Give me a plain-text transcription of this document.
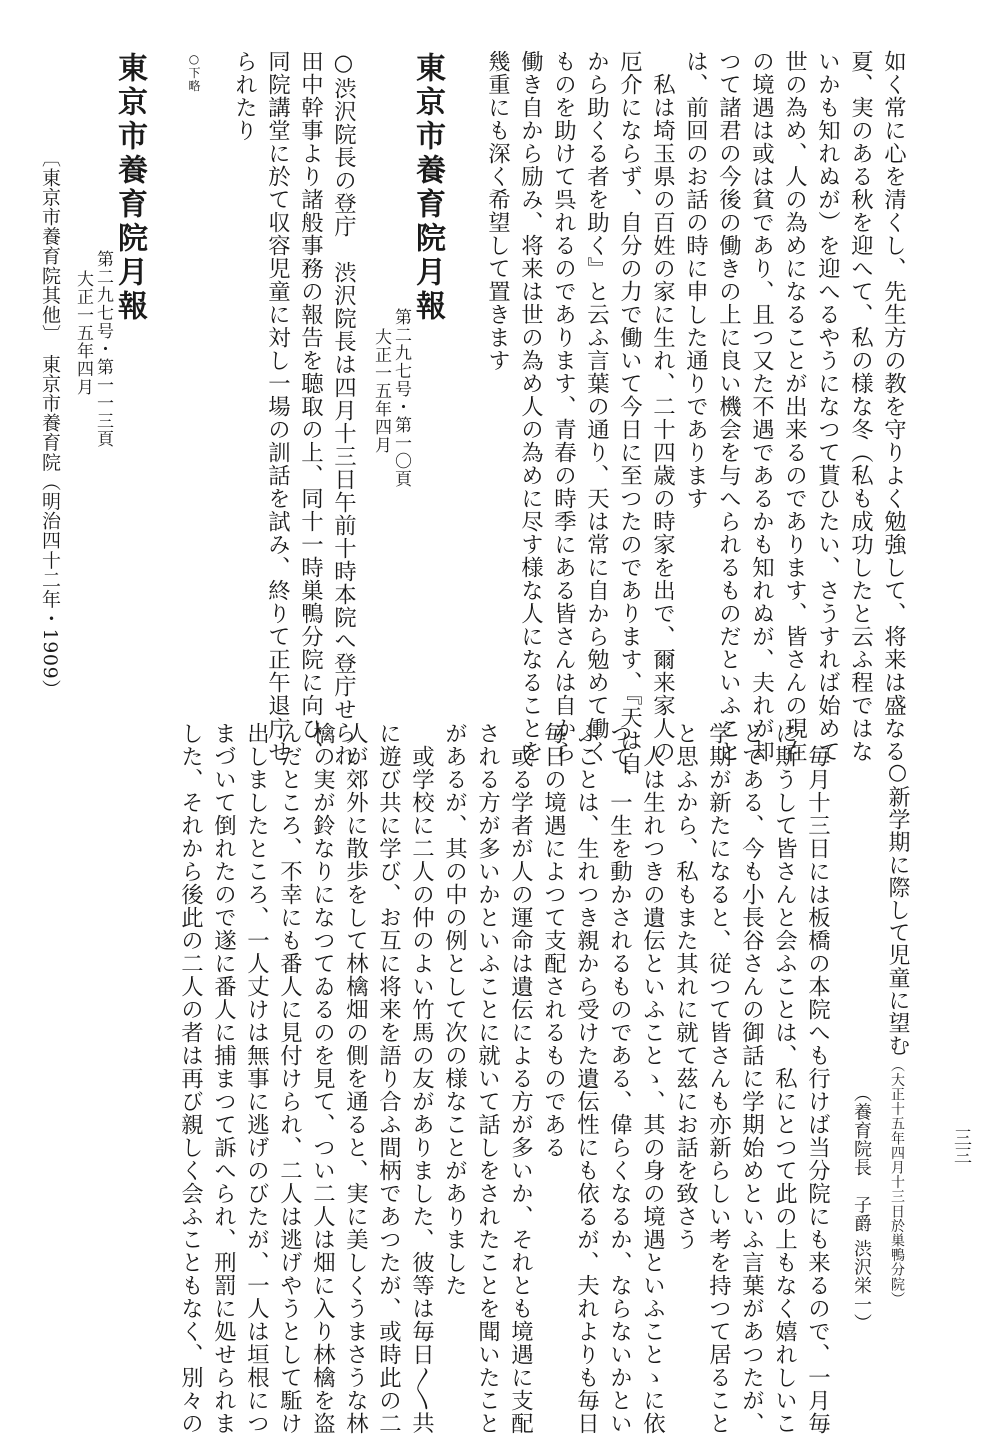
如く常に心を清くし、先生方の教を守りよく勉強して、将来は盛なる
夏、実のある秋を迎へて、私の様な冬（私も成功したと云ふ程ではな
いかも知れぬが）を迎へるやうになつて貰ひたい、さうすれば始めて
世の為め、人の為めになることが出来るのであります、皆さんの現在
の境遇は或は貧であり、且つ又た不遇であるかも知れぬが、夫れが却
つて諸君の今後の働きの上に良い機会を与へられるものだといふこと
は、前回のお話の時に申した通りであります
　私は埼玉県の百姓の家に生れ、二十四歳の時家を出で、爾来家人の
厄介にならず、自分の力で働いて今日に至つたのであります、『天は自
から助くる者を助く』と云ふ言葉の通り、天は常に自から勉めて働く
ものを助けて呉れるのであります、青春の時季にある皆さんは自から
働き自から励み、将来は世の為め人の為めに尽す様な人になることを
幾重にも深く希望して置きます
東京市養育院月報
第二九七号・第一〇頁
大正一五年四月
○渋沢院長の登庁　渋沢院長は四月十三日午前十時本院へ登庁せられ
田中幹事より諸般事務の報告を聴取の上、同十一時巣鴨分院に向ひ、
同院講堂に於て収容児童に対し一場の訓話を試み、終りて正午退庁せ
られたり
○下略
東京市養育院月報
第二九七号・第一一三頁
大正一五年四月
〔東京市養育院其他〕　東京市養育院（明治四十二年・1909）
○新学期に際して児童に望む
（大正十五年四月十三日於巣鴨分院）
（養育院長　子爵 渋沢栄一）
　毎月十三日には板橋の本院へも行けば当分院にも来るので、一月毎
に斯うして皆さんと会ふことは、私にとつて此の上もなく嬉れしいこ
とである、今も小長谷さんの御話に学期始めといふ言葉があつたが、
学期が新たになると、従つて皆さんも亦新らしい考を持つて居ること
と思ふから、私もまた其れに就て茲にお話を致さう
　人は生れつきの遺伝といふことゝ、其の身の境遇といふことゝに依
つて、一生を動かされるものである、偉らくなるか、ならないかとい
ふことは、生れつき親から受けた遺伝性にも依るが、夫れよりも毎日
毎日の境遇によつて支配されるものである
　或る学者が人の運命は遺伝による方が多いか、それとも境遇に支配
される方が多いかといふことに就いて話しをされたことを聞いたこと
があるが、其の中の例として次の様なことがありました
　或学校に二人の仲のよい竹馬の友がありました、彼等は毎日〳〵共
に遊び共に学び、お互に将来を語り合ふ間柄であつたが、或時此の二
人が郊外に散歩をして林檎畑の側を通ると、実に美しくうまさうな林
檎の実が鈴なりになつてゐるのを見て、つい二人は畑に入り林檎を盗
んだところ、不幸にも番人に見付けられ、二人は逃げやうとして駈け
出しましたところ、一人丈けは無事に逃げのびたが、一人は垣根につ
まづいて倒れたので遂に番人に捕まつて訴へられ、刑罰に処せられま
した、それから後此の二人の者は再び親しく会ふこともなく、別々の	三三
